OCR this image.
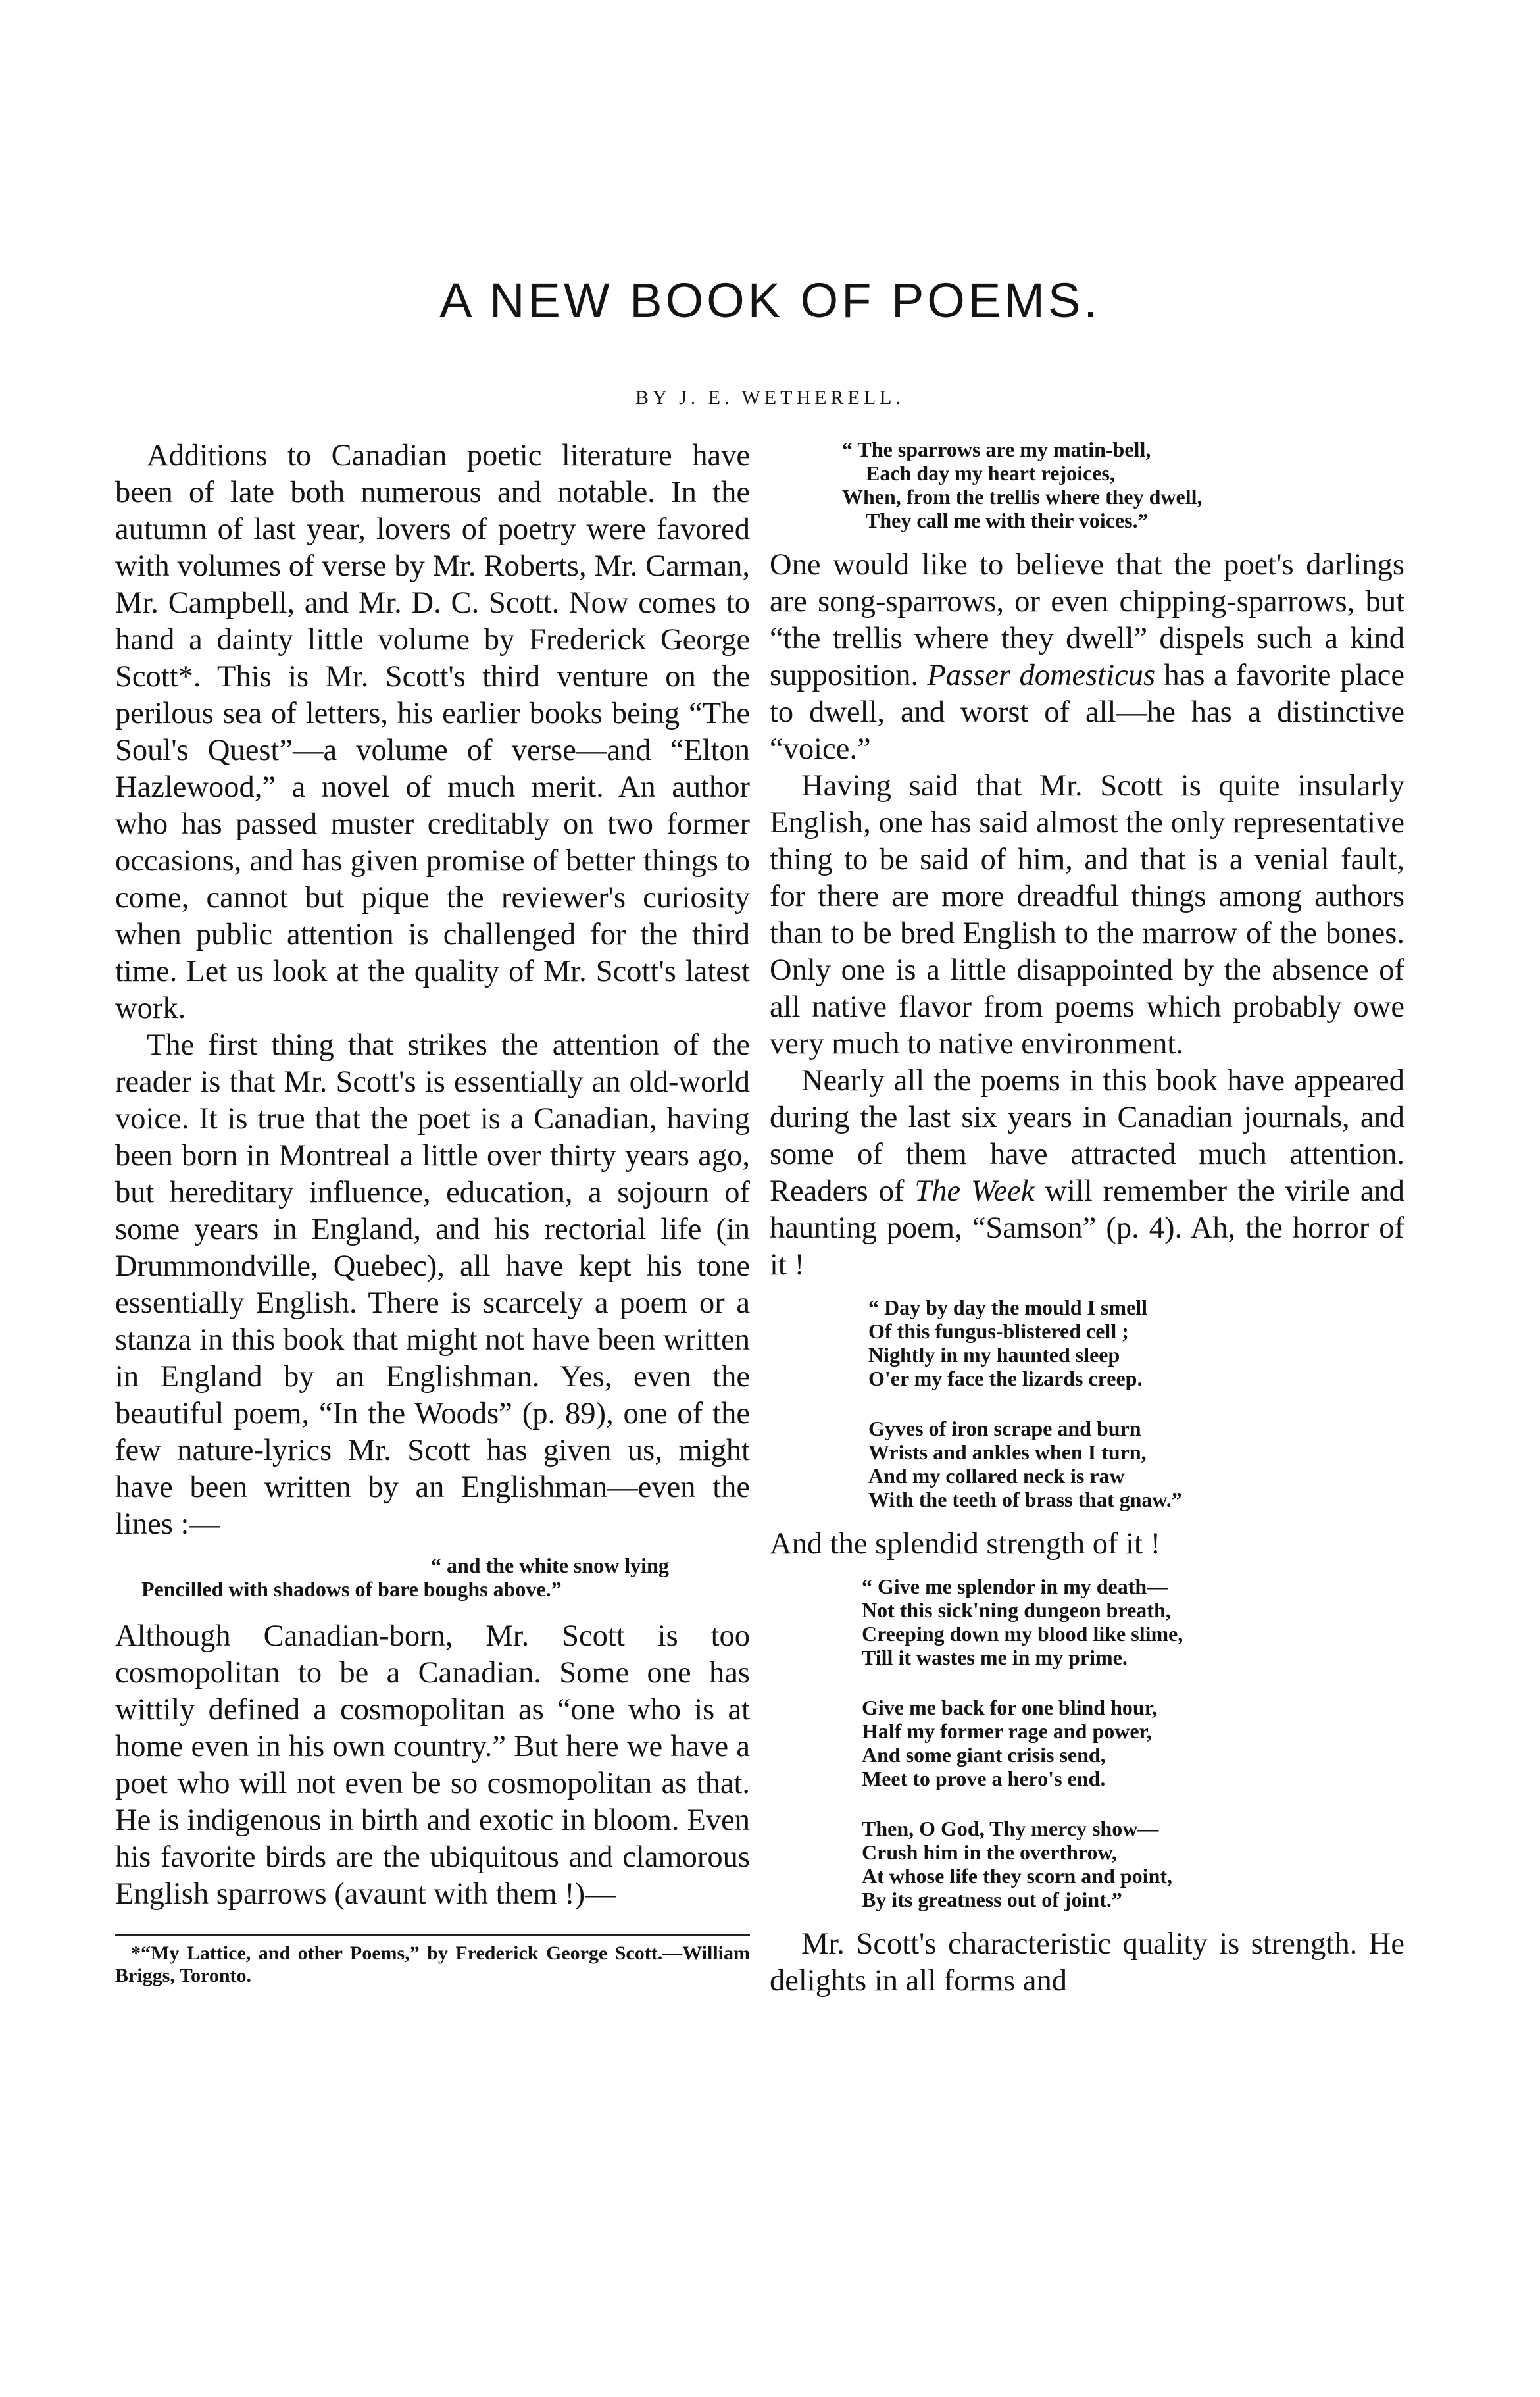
A NEW BOOK OF POEMS.
BY J. E. WETHERELL.

Additions to Canadian poetic literature have been of late both numerous and notable. In the autumn of last year, lovers of poetry were favored with volumes of verse by Mr. Roberts, Mr. Carman, Mr. Campbell, and Mr. D. C. Scott. Now comes to hand a dainty little volume by Frederick George Scott*. This is Mr. Scott's third venture on the perilous sea of letters, his earlier books being “The Soul's Quest”—a volume of verse—and “Elton Hazlewood,” a novel of much merit. An author who has passed muster creditably on two former occasions, and has given promise of better things to come, cannot but pique the reviewer's curiosity when public attention is challenged for the third time. Let us look at the quality of Mr. Scott's latest work.

The first thing that strikes the attention of the reader is that Mr. Scott's is essentially an old-world voice. It is true that the poet is a Canadian, having been born in Montreal a little over thirty years ago, but hereditary influence, education, a sojourn of some years in England, and his rectorial life (in Drummondville, Quebec), all have kept his tone essentially English. There is scarcely a poem or a stanza in this book that might not have been written in England by an Englishman. Yes, even the beautiful poem, “In the Woods” (p. 89), one of the few nature-lyrics Mr. Scott has given us, might have been written by an Englishman—even the lines :—

“ and the white snow lying
Pencilled with shadows of bare boughs above.”

Although Canadian-born, Mr. Scott is too cosmopolitan to be a Canadian. Some one has wittily defined a cosmopolitan as “one who is at home even in his own country.” But here we have a poet who will not even be so cosmopolitan as that. He is indigenous in birth and exotic in bloom. Even his favorite birds are the ubiquitous and clamorous English sparrows (avaunt with them !)—

*“My Lattice, and other Poems,” by Frederick George Scott.—William Briggs, Toronto.

“ The sparrows are my matin-bell,
Each day my heart rejoices,
When, from the trellis where they dwell,
They call me with their voices.”

One would like to believe that the poet's darlings are song-sparrows, or even chipping-sparrows, but “the trellis where they dwell” dispels such a kind supposition. Passer domesticus has a favorite place to dwell, and worst of all—he has a distinctive “voice.”

Having said that Mr. Scott is quite insularly English, one has said almost the only representative thing to be said of him, and that is a venial fault, for there are more dreadful things among authors than to be bred English to the marrow of the bones. Only one is a little disappointed by the absence of all native flavor from poems which probably owe very much to native environment.

Nearly all the poems in this book have appeared during the last six years in Canadian journals, and some of them have attracted much attention. Readers of The Week will remember the virile and haunting poem, “Samson” (p. 4). Ah, the horror of it !

“ Day by day the mould I smell
Of this fungus-blistered cell ;
Nightly in my haunted sleep
O'er my face the lizards creep.
Gyves of iron scrape and burn
Wrists and ankles when I turn,
And my collared neck is raw
With the teeth of brass that gnaw.”

And the splendid strength of it !

“ Give me splendor in my death—
Not this sick'ning dungeon breath,
Creeping down my blood like slime,
Till it wastes me in my prime.
Give me back for one blind hour,
Half my former rage and power,
And some giant crisis send,
Meet to prove a hero's end.
Then, O God, Thy mercy show—
Crush him in the overthrow,
At whose life they scorn and point,
By its greatness out of joint.”

Mr. Scott's characteristic quality is strength. He delights in all forms and
